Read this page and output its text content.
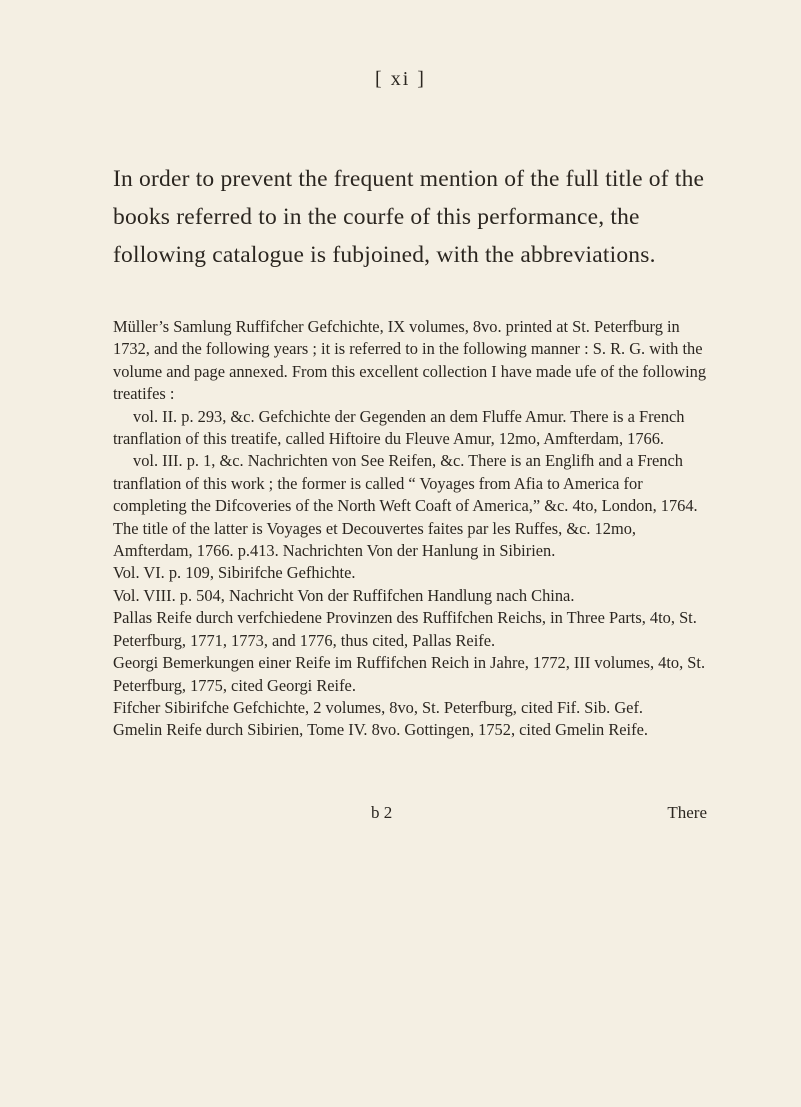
[ xi ]

In order to prevent the frequent mention of the full title of the books referred to in the courfe of this performance, the following catalogue is fubjoined, with the abbreviations.

Müller’s Samlung Ruffifcher Gefchichte, IX volumes, 8vo. printed at St. Peterfburg in 1732, and the following years ; it is referred to in the following manner : S. R. G. with the volume and page annexed. From this excellent collection I have made ufe of the following treatifes :

vol. II. p. 293, &c. Gefchichte der Gegenden an dem Fluffe Amur. There is a French tranflation of this treatife, called Hiftoire du Fleuve Amur, 12mo, Amfterdam, 1766.

vol. III. p. 1, &c. Nachrichten von See Reifen, &c. There is an Englifh and a French tranflation of this work ; the former is called “ Voyages from Afia to America for completing the Difcoveries of the North Weft Coaft of America,” &c. 4to, London, 1764. The title of the latter is Voyages et Decouvertes faites par les Ruffes, &c. 12mo, Amfterdam, 1766. p.413. Nachrichten Von der Hanlung in Sibirien.

Vol. VI. p. 109, Sibirifche Gefhichte.

Vol. VIII. p. 504, Nachricht Von der Ruffifchen Handlung nach China.

Pallas Reife durch verfchiedene Provinzen des Ruffifchen Reichs, in Three Parts, 4to, St. Peterfburg, 1771, 1773, and 1776, thus cited, Pallas Reife.

Georgi Bemerkungen einer Reife im Ruffifchen Reich in Jahre, 1772, III volumes, 4to, St. Peterfburg, 1775, cited Georgi Reife.

Fifcher Sibirifche Gefchichte, 2 volumes, 8vo, St. Peterfburg, cited Fif. Sib. Gef.

Gmelin Reife durch Sibirien, Tome IV. 8vo. Gottingen, 1752, cited Gmelin Reife.

b 2	There
